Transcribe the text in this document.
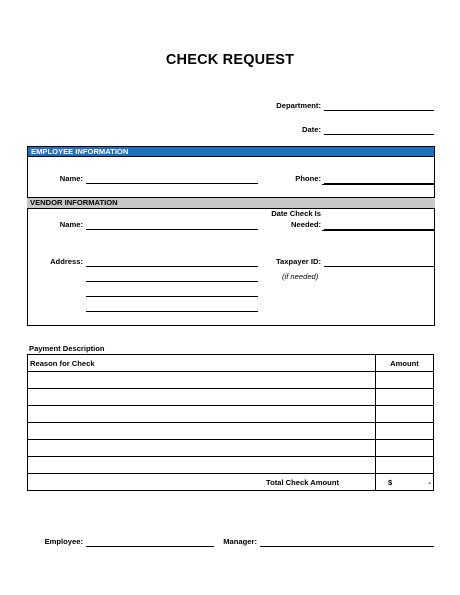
CHECK REQUEST
Department:
Date:
EMPLOYEE INFORMATION
Name:	Phone:
VENDOR INFORMATION
Name:
Date Check Is
Needed:
Address:	Taxpayer ID:
(if needed)
Payment Description
Reason for Check	Amount

Total Check Amount	$ -
Employee:	Manager:
